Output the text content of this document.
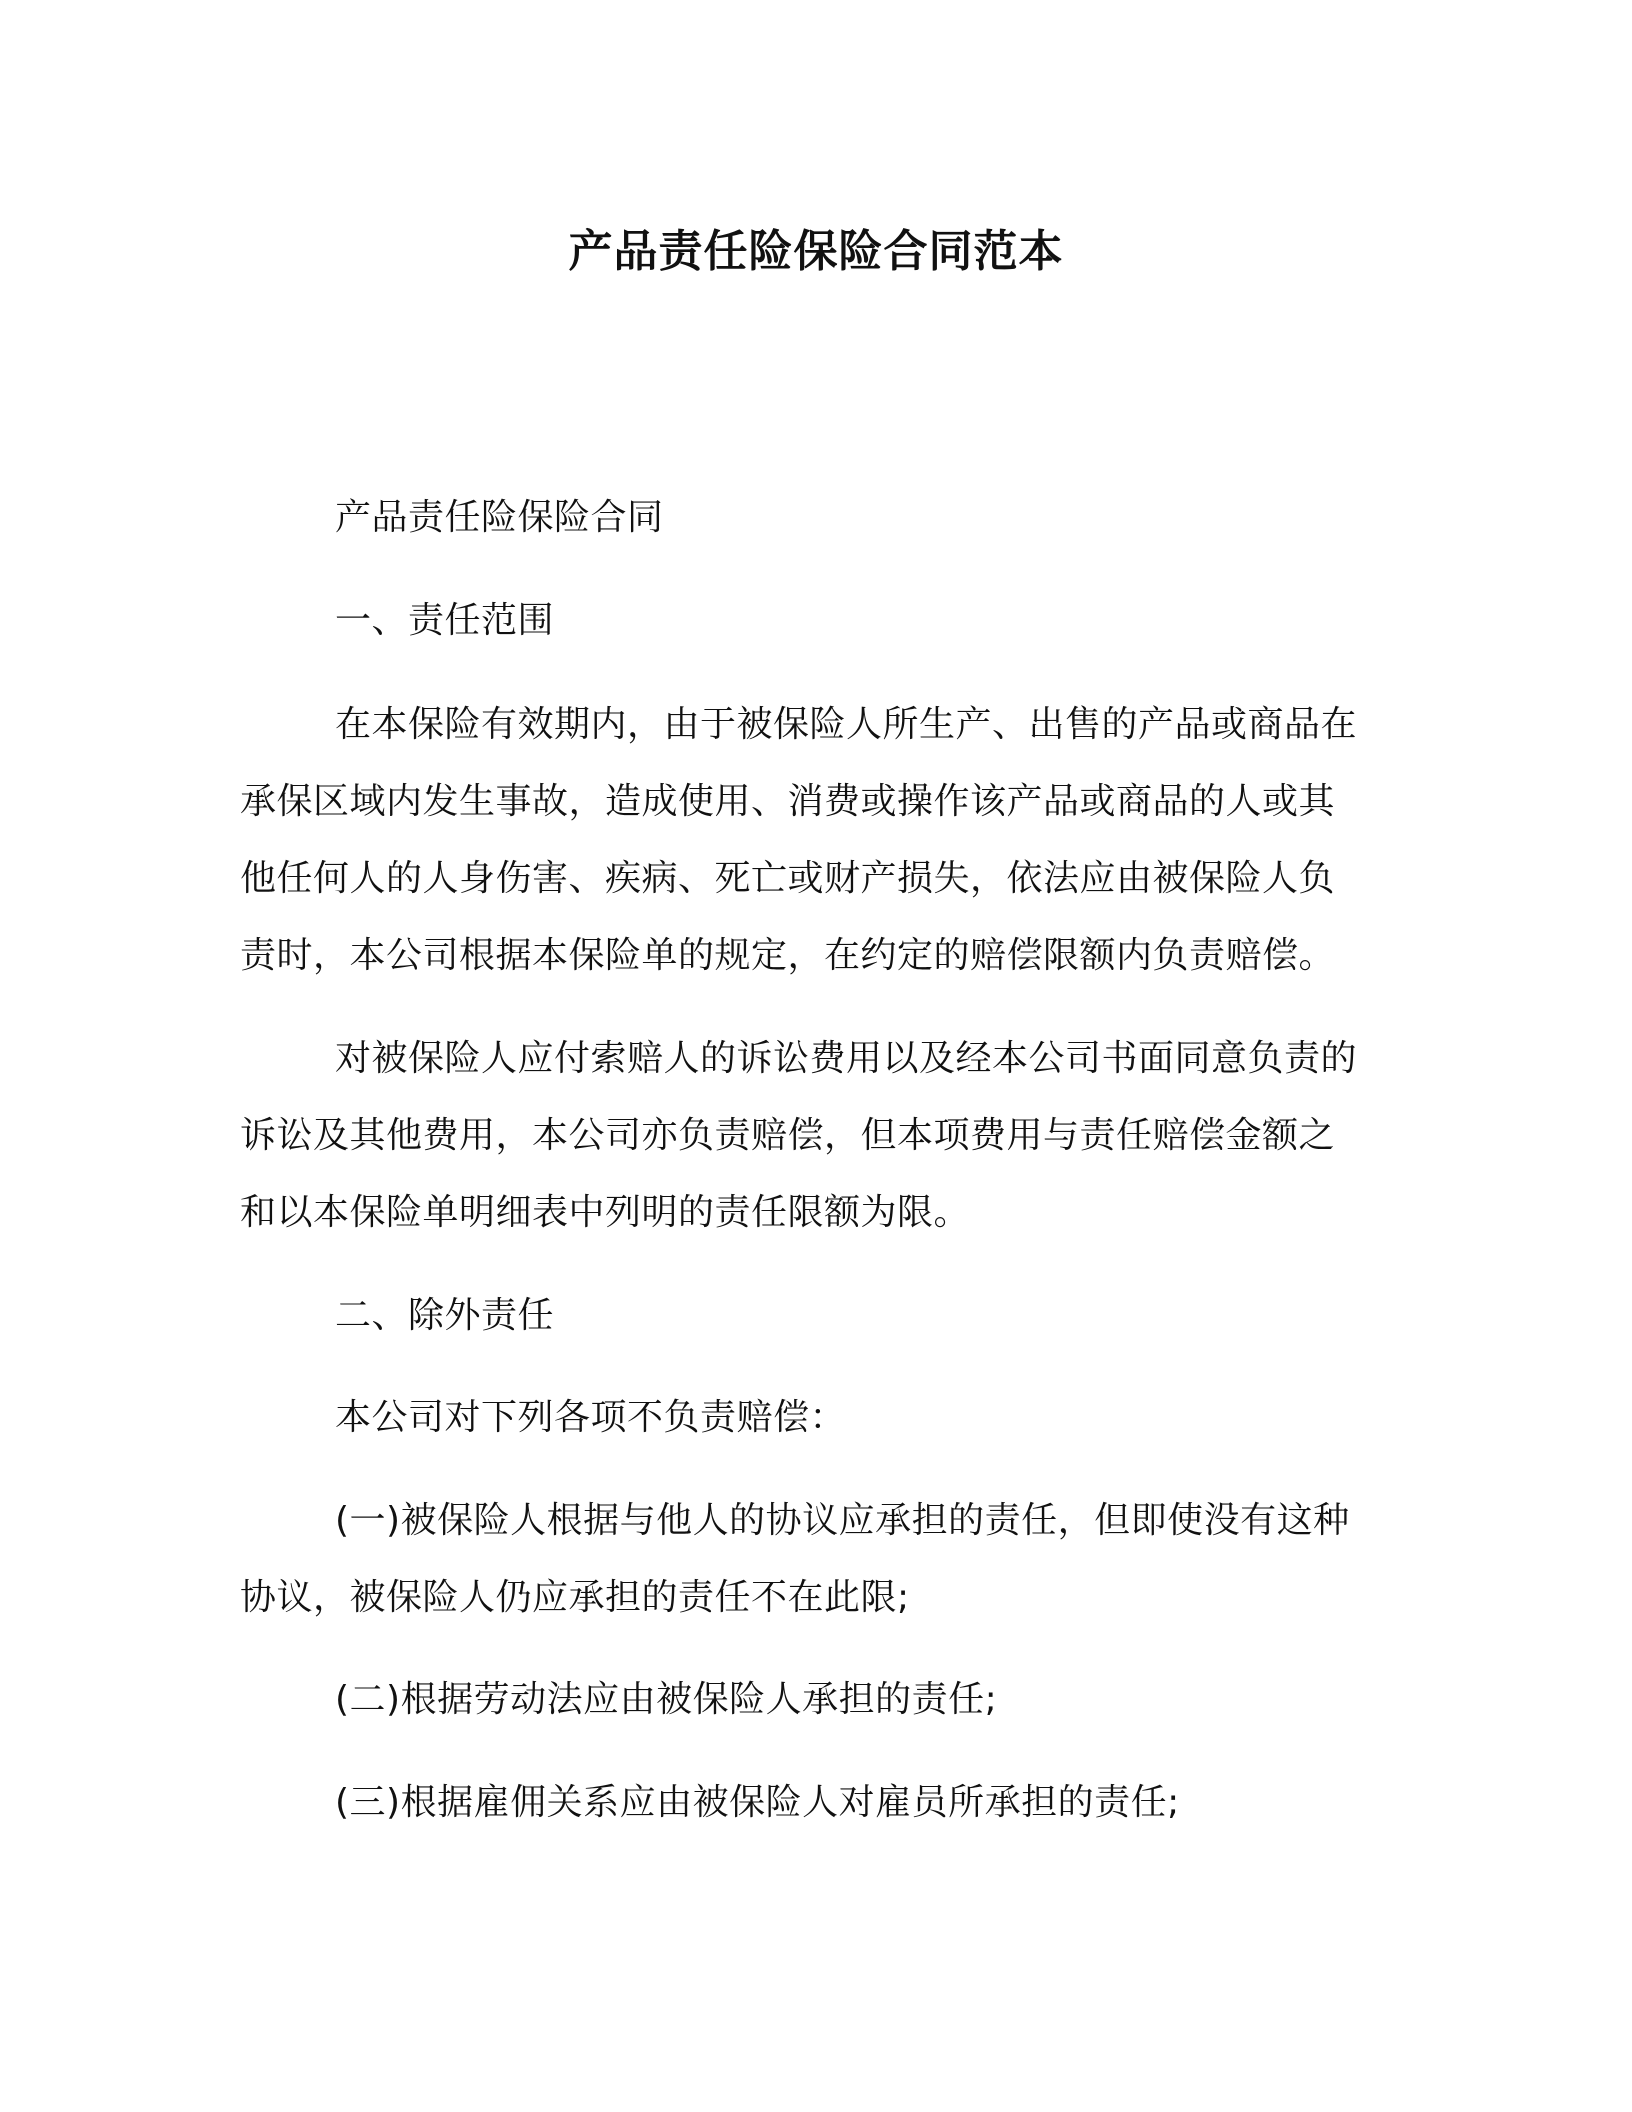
产品责任险保险合同范本
产品责任险保险合同
一、责任范围
在本保险有效期内，由于被保险人所生产、出售的产品或商品在
承保区域内发生事故，造成使用、消费或操作该产品或商品的人或其
他任何人的人身伤害、疾病、死亡或财产损失，依法应由被保险人负
责时，本公司根据本保险单的规定，在约定的赔偿限额内负责赔偿。
对被保险人应付索赔人的诉讼费用以及经本公司书面同意负责的
诉讼及其他费用，本公司亦负责赔偿，但本项费用与责任赔偿金额之
和以本保险单明细表中列明的责任限额为限。
二、除外责任
本公司对下列各项不负责赔偿：
(一)被保险人根据与他人的协议应承担的责任，但即使没有这种
协议，被保险人仍应承担的责任不在此限;
(二)根据劳动法应由被保险人承担的责任;
(三)根据雇佣关系应由被保险人对雇员所承担的责任;
